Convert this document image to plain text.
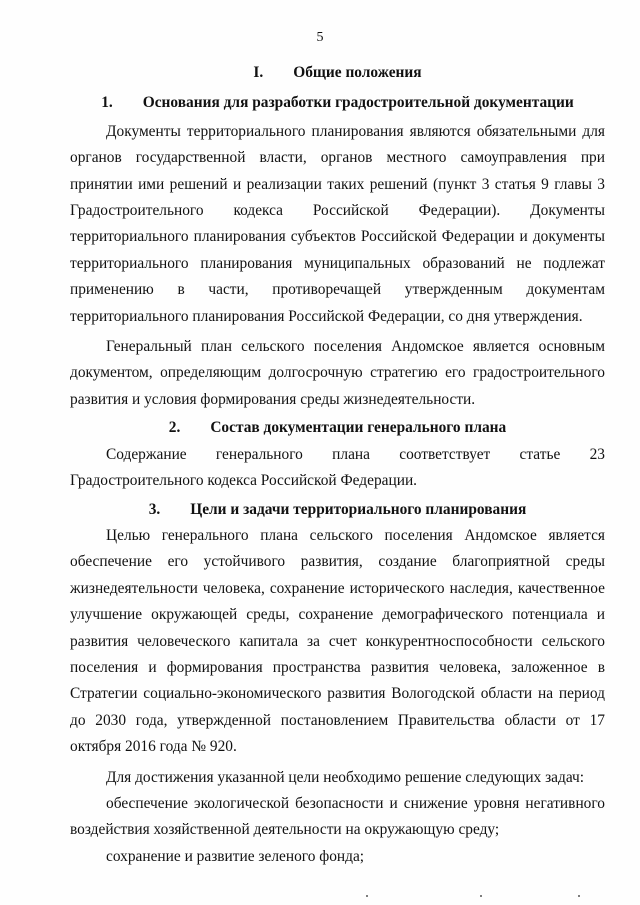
5

I. Общие положения

1. Основания для разработки градостроительной документации

Документы территориального планирования являются обязательными для органов государственной власти, органов местного самоуправления при принятии ими решений и реализации таких решений (пункт 3 статья 9 главы 3 Градостроительного кодекса Российской Федерации). Документы территориального планирования субъектов Российской Федерации и документы территориального планирования муниципальных образований не подлежат применению в части, противоречащей утвержденным документам территориального планирования Российской Федерации, со дня утверждения.

Генеральный план сельского поселения Андомское является основным документом, определяющим долгосрочную стратегию его градостроительного развития и условия формирования среды жизнедеятельности.

2. Состав документации генерального плана

Содержание генерального плана соответствует статье 23 Градостроительного кодекса Российской Федерации.

3. Цели и задачи территориального планирования

Целью генерального плана сельского поселения Андомское является обеспечение его устойчивого развития, создание благоприятной среды жизнедеятельности человека, сохранение исторического наследия, качественное улучшение окружающей среды, сохранение демографического потенциала и развития человеческого капитала за счет конкурентноспособности сельского поселения и формирования пространства развития человека, заложенное в Стратегии социально-экономического развития Вологодской области на период до 2030 года, утвержденной постановлением Правительства области от 17 октября 2016 года № 920.

Для достижения указанной цели необходимо решение следующих задач:

обеспечение экологической безопасности и снижение уровня негативного воздействия хозяйственной деятельности на окружающую среду;

сохранение и развитие зеленого фонда;
